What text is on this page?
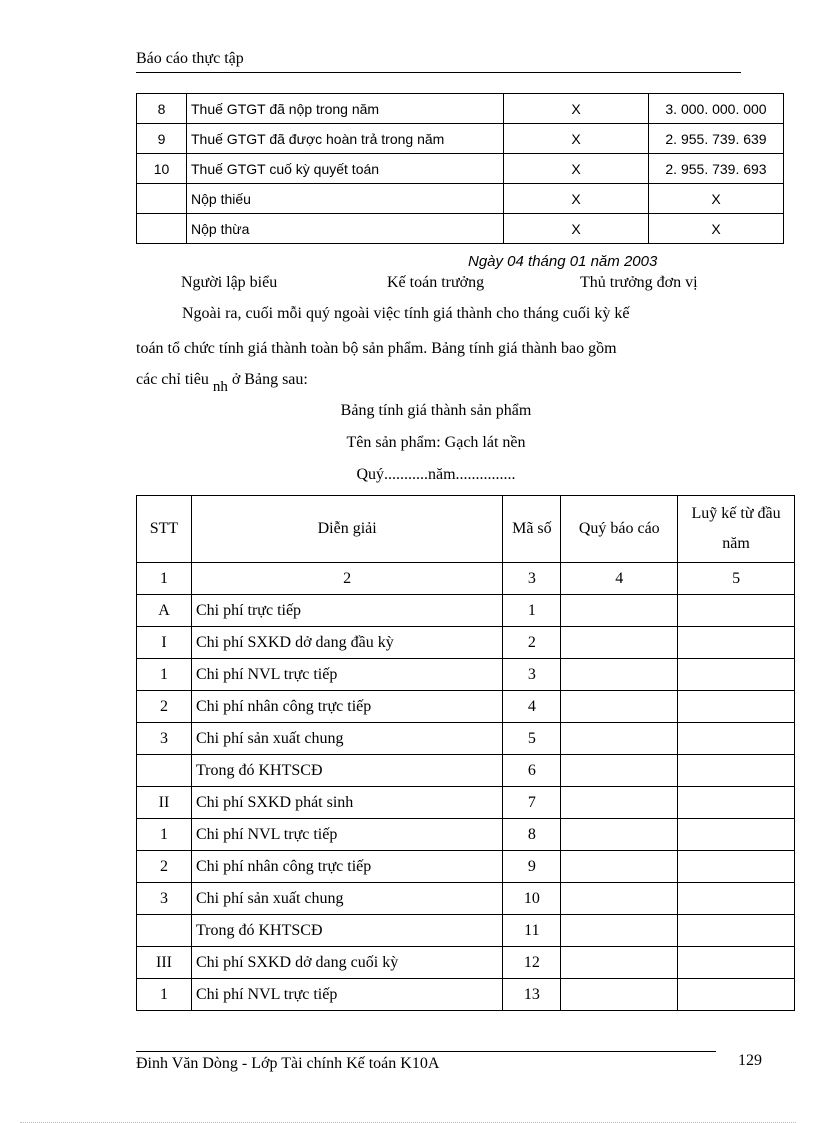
Báo cáo thực tập
8	Thuế GTGT đã nộp trong năm	X	3. 000. 000. 000
9	Thuế GTGT đã được hoàn trả trong năm	X	2. 955. 739. 639
10	Thuế GTGT cuố kỳ quyết toán	X	2. 955. 739. 693
	Nộp thiếu	X	X
	Nộp thừa	X	X
Ngày 04 tháng 01 năm 2003
Người lập biểu	Kế toán trưởng	Thủ trưởng đơn vị
Ngoài ra, cuối mỗi quý ngoài việc tính giá thành cho tháng cuối kỳ kế
toán tổ chức tính giá thành toàn bộ sản phẩm. Bảng tính giá thành bao gồm
các chỉ tiêu nh ở Bảng sau:
Bảng tính giá thành sản phẩm
Tên sản phẩm: Gạch lát nền
Quý...........năm...............
STT	Diễn giải	Mã số	Quý báo cáo	Luỹ kế từ đầu năm
1	2	3	4	5
A	Chi phí trực tiếp	1		
I	Chi phí SXKD dở dang đầu kỳ	2		
1	Chi phí NVL trực tiếp	3		
2	Chi phí nhân công trực tiếp	4		
3	Chi phí sản xuất chung	5		
	Trong đó KHTSCĐ	6		
II	Chi phí SXKD phát sinh	7		
1	Chi phí NVL trực tiếp	8		
2	Chi phí nhân công trực tiếp	9		
3	Chi phí sản xuất chung	10		
	Trong đó KHTSCĐ	11		
III	Chi phí SXKD dở dang cuối kỳ	12		
1	Chi phí NVL trực tiếp	13		
Đinh Văn Dòng - Lớp Tài chính Kế toán K10A	129
